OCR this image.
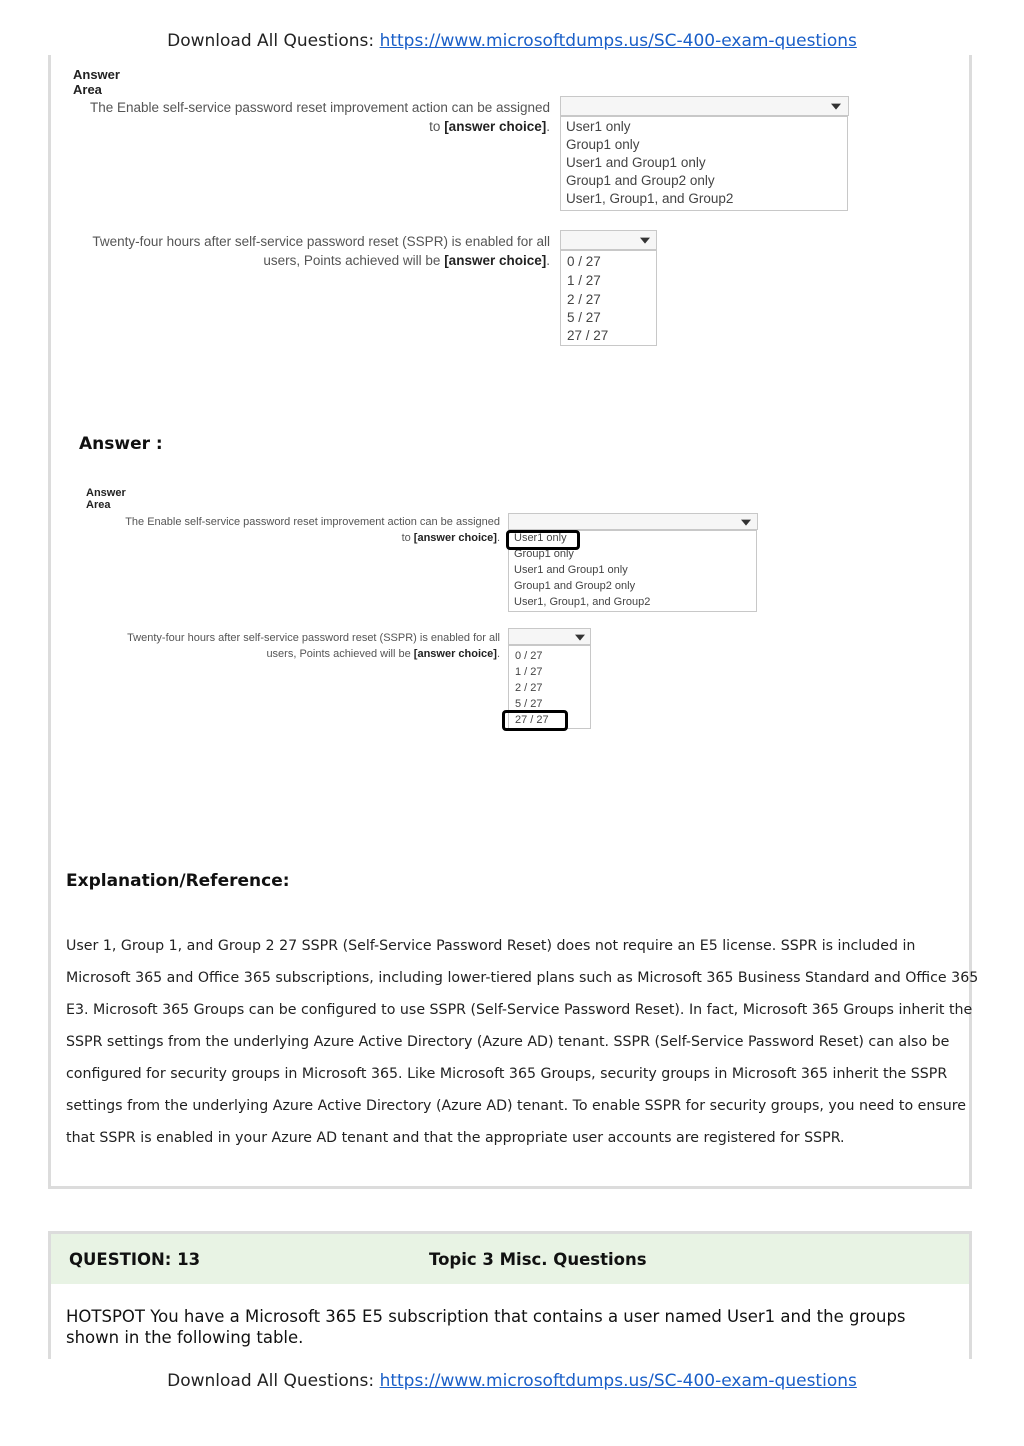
Download All Questions: https://www.microsoftdumps.us/SC-400-exam-questions
Answer Area
The Enable self-service password reset improvement action can be assigned
to [answer choice]. User1 only
Group1 only
User1 and Group1 only
Group1 and Group2 only
User1, Group1, and Group2
Twenty-four hours after self-service password reset (SSPR) is enabled for all
users, Points achieved will be [answer choice]. 0 / 27
1 / 27
2 / 27
5 / 27
27 / 27
Answer :
Answer Area
The Enable self-service password reset improvement action can be assigned
to [answer choice]. User1 only
Group1 only
User1 and Group1 only
Group1 and Group2 only
User1, Group1, and Group2
Twenty-four hours after self-service password reset (SSPR) is enabled for all
users, Points achieved will be [answer choice]. 0 / 27
1 / 27
2 / 27
5 / 27
27 / 27
Explanation/Reference:
User 1, Group 1, and Group 2 27 SSPR (Self-Service Password Reset) does not require an E5 license. SSPR is included in
Microsoft 365 and Office 365 subscriptions, including lower-tiered plans such as Microsoft 365 Business Standard and Office 365
E3. Microsoft 365 Groups can be configured to use SSPR (Self-Service Password Reset). In fact, Microsoft 365 Groups inherit the
SSPR settings from the underlying Azure Active Directory (Azure AD) tenant. SSPR (Self-Service Password Reset) can also be
configured for security groups in Microsoft 365. Like Microsoft 365 Groups, security groups in Microsoft 365 inherit the SSPR
settings from the underlying Azure Active Directory (Azure AD) tenant. To enable SSPR for security groups, you need to ensure
that SSPR is enabled in your Azure AD tenant and that the appropriate user accounts are registered for SSPR.
QUESTION: 13	Topic 3 Misc. Questions
HOTSPOT You have a Microsoft 365 E5 subscription that contains a user named User1 and the groups shown in the following table.
Download All Questions: https://www.microsoftdumps.us/SC-400-exam-questions
